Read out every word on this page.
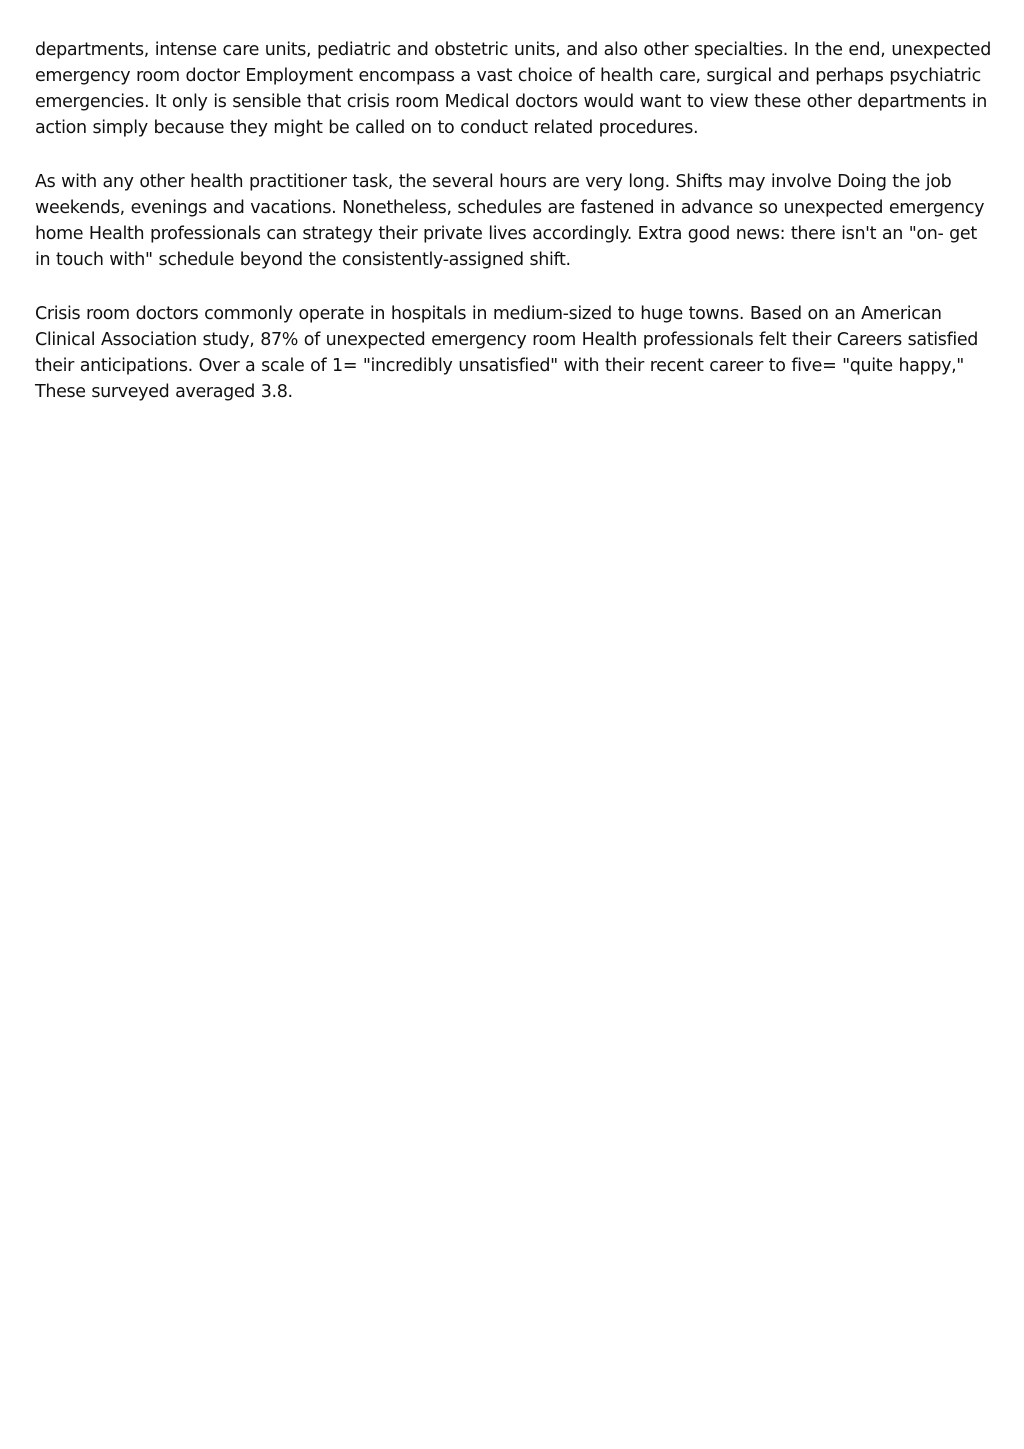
departments, intense care units, pediatric and obstetric units, and also other specialties. In the end, unexpected emergency room doctor Employment encompass a vast choice of health care, surgical and perhaps psychiatric emergencies. It only is sensible that crisis room Medical doctors would want to view these other departments in action simply because they might be called on to conduct related procedures.

As with any other health practitioner task, the several hours are very long. Shifts may involve Doing the job weekends, evenings and vacations. Nonetheless, schedules are fastened in advance so unexpected emergency home Health professionals can strategy their private lives accordingly. Extra good news: there isn't an "on- get in touch with" schedule beyond the consistently-assigned shift.

Crisis room doctors commonly operate in hospitals in medium-sized to huge towns. Based on an American Clinical Association study, 87% of unexpected emergency room Health professionals felt their Careers satisfied their anticipations. Over a scale of 1= "incredibly unsatisfied" with their recent career to five= "quite happy," These surveyed averaged 3.8.
